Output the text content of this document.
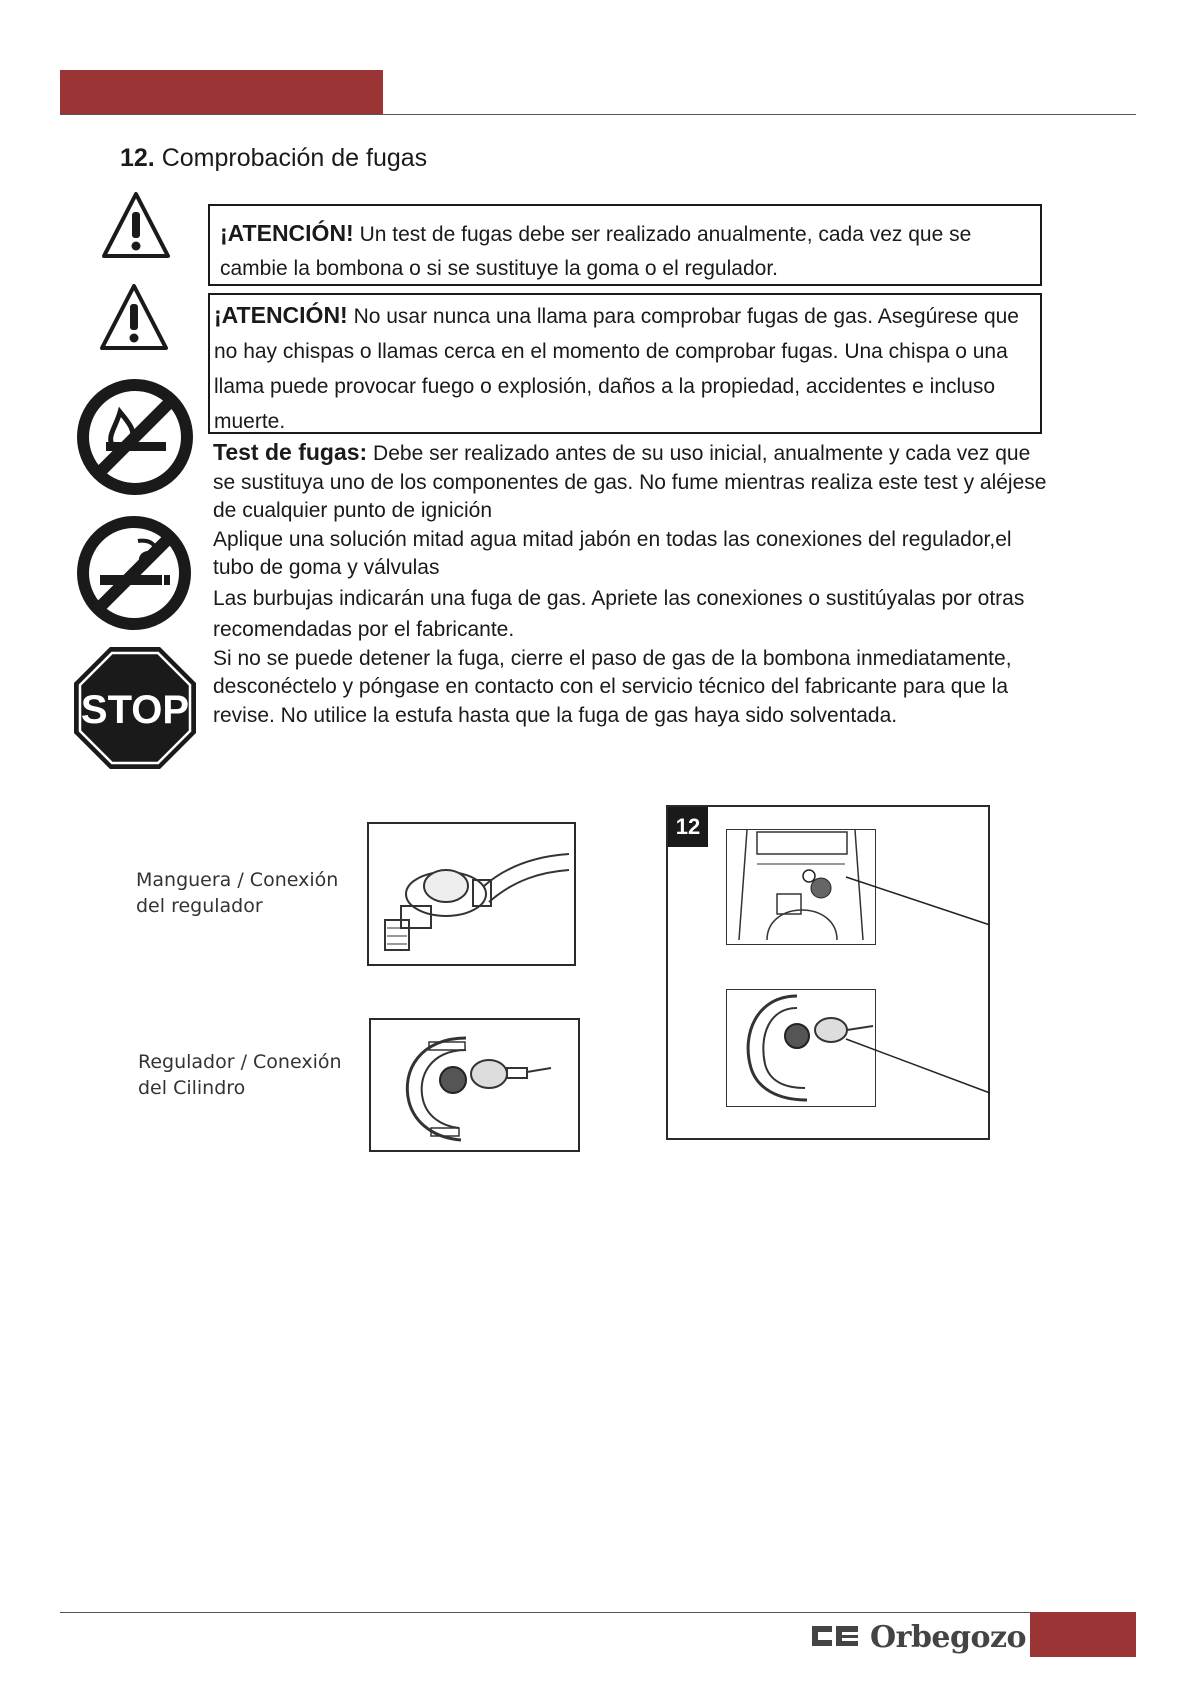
12. Comprobación de fugas
STOP
¡ATENCIÓN! Un test de fugas debe ser realizado anualmente, cada vez que se cambie la bombona o si se sustituye la goma o el regulador.
¡ATENCIÓN! No usar nunca una llama para comprobar fugas de gas. Asegúrese que no hay chispas o llamas cerca en el momento de comprobar fugas. Una chispa o una llama puede provocar fuego o explosión, daños a la propiedad, accidentes e incluso muerte.

Test de fugas: Debe ser realizado antes de su uso inicial, anualmente y cada vez que se sustituya uno de los componentes de gas. No fume mientras realiza este test y aléjese de cualquier punto de ignición

Aplique una solución mitad agua mitad jabón en todas las conexiones del regulador,el tubo de goma y válvulas

Las burbujas indicarán una fuga de gas. Apriete las conexiones o sustitúyalas por otras recomendadas por el fabricante.

Si no se puede detener la fuga, cierre el paso de gas de la bombona inmediatamente, desconéctelo y póngase en contacto con el servicio técnico del fabricante para que la revise. No utilice la estufa hasta que la fuga de gas haya sido solventada.

Manguera / Conexión
del regulador
Regulador / Conexión
del Cilindro
12
Orbegozo
